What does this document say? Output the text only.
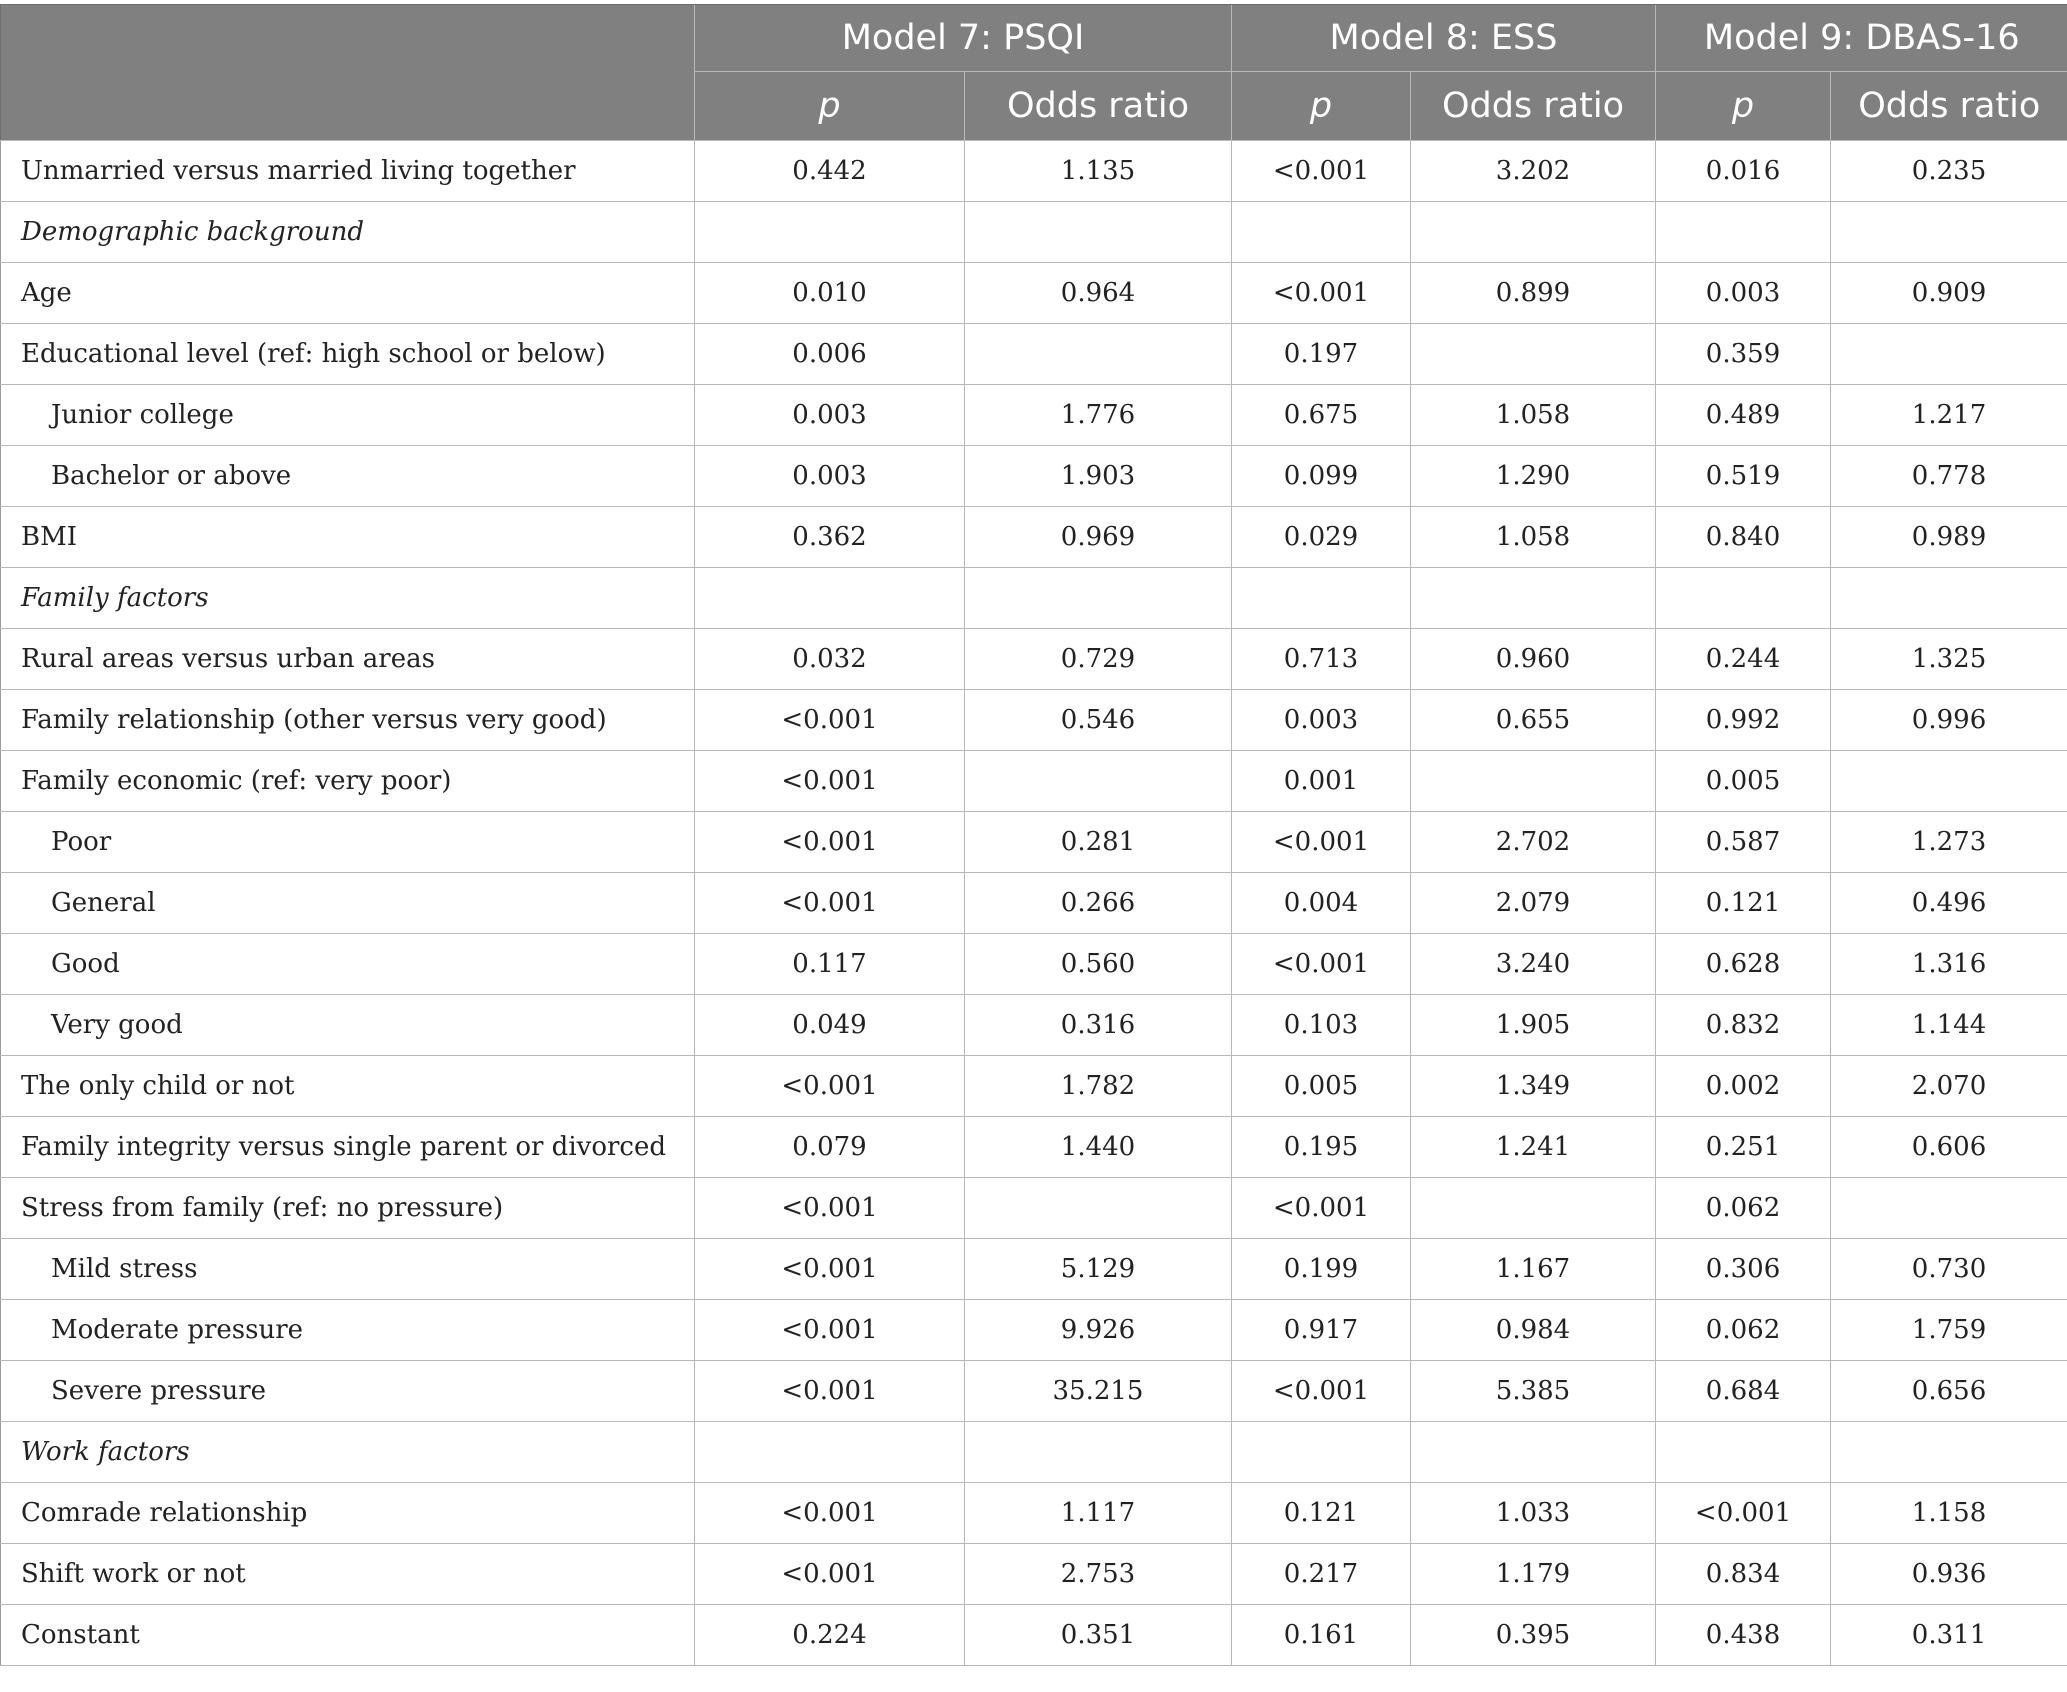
	Model 7: PSQI		Model 8: ESS		Model 9: DBAS-16	
	p	Odds ratio	p	Odds ratio	p	Odds ratio
Unmarried versus married living together	0.442	1.135	<0.001	3.202	0.016	0.235
Demographic background						
Age	0.010	0.964	<0.001	0.899	0.003	0.909
Educational level (ref: high school or below)	0.006		0.197		0.359	
Junior college	0.003	1.776	0.675	1.058	0.489	1.217
Bachelor or above	0.003	1.903	0.099	1.290	0.519	0.778
BMI	0.362	0.969	0.029	1.058	0.840	0.989
Family factors						
Rural areas versus urban areas	0.032	0.729	0.713	0.960	0.244	1.325
Family relationship (other versus very good)	<0.001	0.546	0.003	0.655	0.992	0.996
Family economic (ref: very poor)	<0.001		0.001		0.005	
Poor	<0.001	0.281	<0.001	2.702	0.587	1.273
General	<0.001	0.266	0.004	2.079	0.121	0.496
Good	0.117	0.560	<0.001	3.240	0.628	1.316
Very good	0.049	0.316	0.103	1.905	0.832	1.144
The only child or not	<0.001	1.782	0.005	1.349	0.002	2.070
Family integrity versus single parent or divorced	0.079	1.440	0.195	1.241	0.251	0.606
Stress from family (ref: no pressure)	<0.001		<0.001		0.062	
Mild stress	<0.001	5.129	0.199	1.167	0.306	0.730
Moderate pressure	<0.001	9.926	0.917	0.984	0.062	1.759
Severe pressure	<0.001	35.215	<0.001	5.385	0.684	0.656
Work factors						
Comrade relationship	<0.001	1.117	0.121	1.033	<0.001	1.158
Shift work or not	<0.001	2.753	0.217	1.179	0.834	0.936
Constant	0.224	0.351	0.161	0.395	0.438	0.311
